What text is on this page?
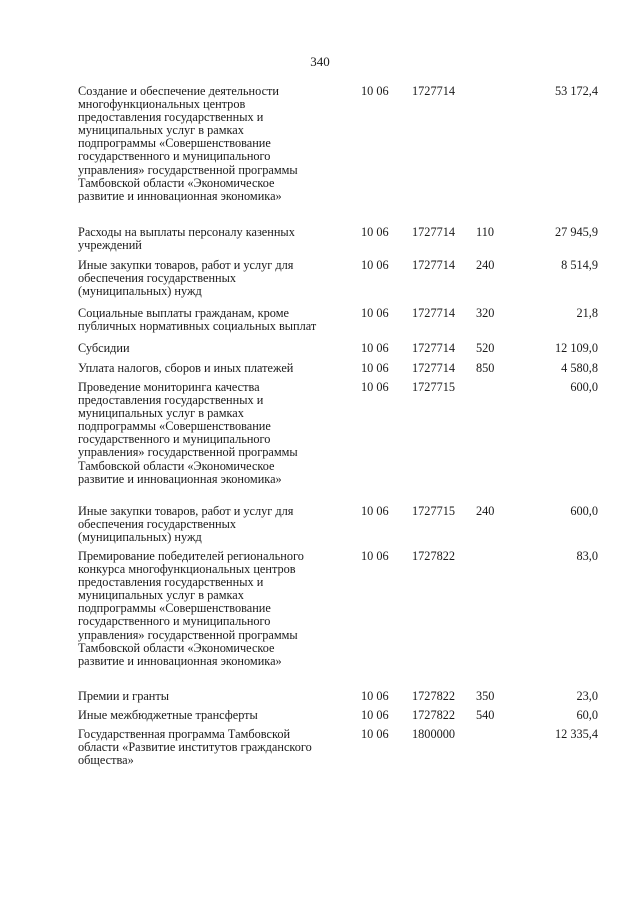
340
Создание и обеспечение деятельности
многофункциональных центров
предоставления государственных и
муниципальных услуг в рамках
подпрограммы «Совершенствование
государственного и муниципального
управления» государственной программы
Тамбовской области «Экономическое
развитие и инновационная экономика»
10 06 1727714	53 172,4
Расходы на выплаты персоналу казенных
учреждений
10 06 1727714 110	27 945,9
Иные закупки товаров, работ и услуг для
обеспечения государственных
(муниципальных) нужд
10 06 1727714 240	8 514,9
Социальные выплаты гражданам, кроме
публичных нормативных социальных выплат
10 06 1727714 320	21,8
Субсидии	10 06 1727714 520	12 109,0
Уплата налогов, сборов и иных платежей	10 06 1727714 850	4 580,8
Проведение мониторинга качества
предоставления государственных и
муниципальных услуг в рамках
подпрограммы «Совершенствование
государственного и муниципального
управления» государственной программы
Тамбовской области «Экономическое
развитие и инновационная экономика»
10 06 1727715	600,0
Иные закупки товаров, работ и услуг для
обеспечения государственных
(муниципальных) нужд
10 06 1727715 240	600,0
Премирование победителей регионального
конкурса многофункциональных центров
предоставления государственных и
муниципальных услуг в рамках
подпрограммы «Совершенствование
государственного и муниципального
управления» государственной программы
Тамбовской области «Экономическое
развитие и инновационная экономика»
10 06 1727822	83,0
Премии и гранты	10 06 1727822 350	23,0
Иные межбюджетные трансферты	10 06 1727822 540	60,0
Государственная программа Тамбовской
области «Развитие институтов гражданского
общества»
10 06 1800000	12 335,4
